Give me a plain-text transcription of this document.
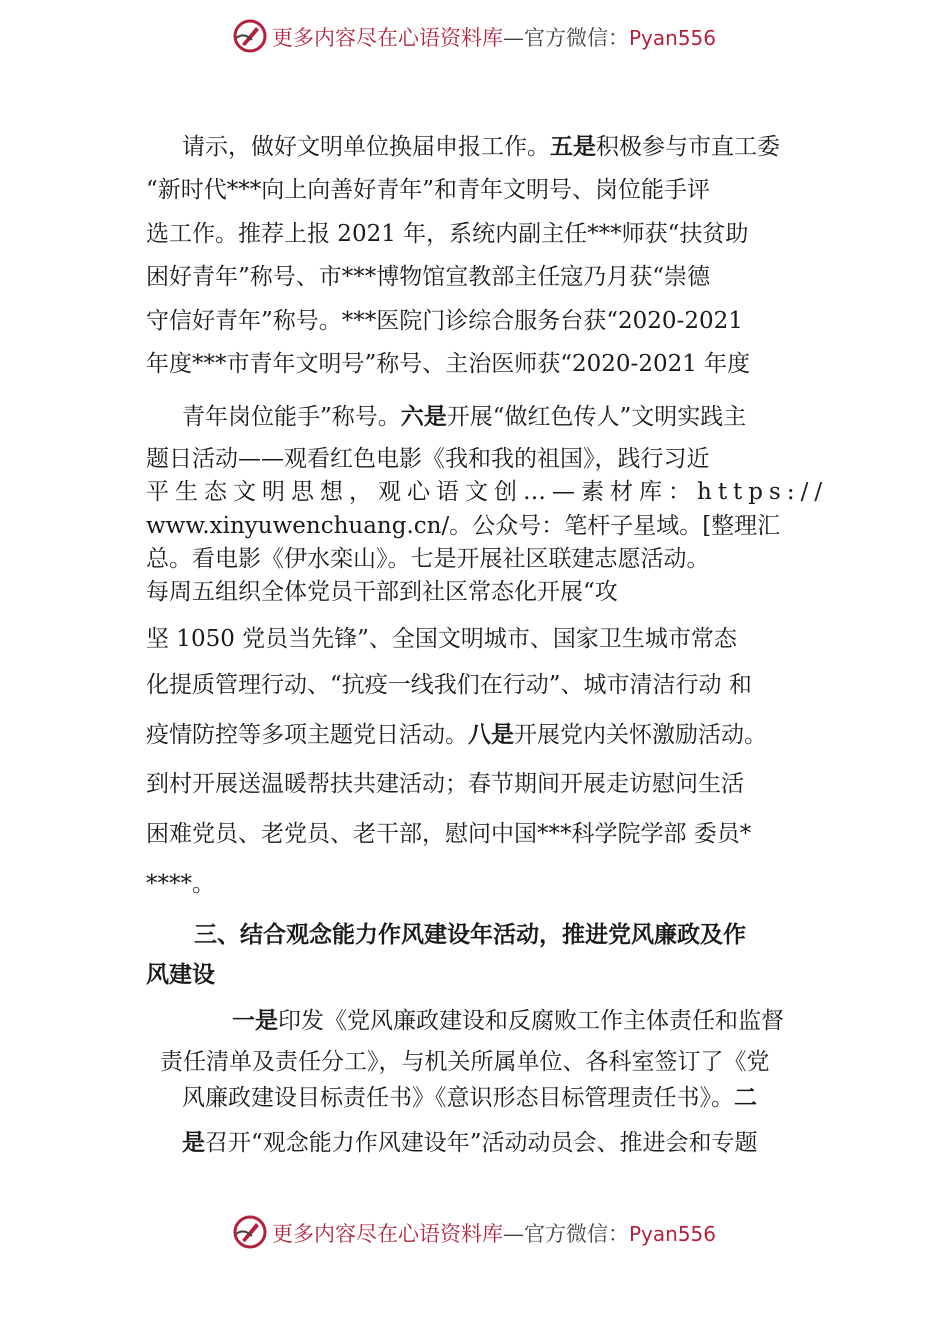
更多内容尽在心语资料库—官方微信：Pyan556
请示，做好文明单位换届申报工作。五是积极参与市直工委
“新时代***向上向善好青年”和青年文明号、岗位能手评
选工作。推荐上报 2021 年，系统内副主任***师获“扶贫助
困好青年”称号、市***博物馆宣教部主任寇乃月获“崇德
守信好青年”称号。***医院门诊综合服务台获“2020-2021
年度***市青年文明号”称号、主治医师获“2020-2021 年度
青年岗位能手”称号。六是开展“做红色传人”文明实践主
题日活动——观看红色电影《我和我的祖国》，践行习近
平生态文明思想，观心语文创…—素材库：https://
www.xinyuwenchuang.cn/。公众号：笔杆子星域。[整理汇
总。看电影《伊水栾山》。七是开展社区联建志愿活动。
每周五组织全体党员干部到社区常态化开展“攻
坚 1050 党员当先锋”、全国文明城市、国家卫生城市常态
化提质管理行动、“抗疫一线我们在行动”、城市清洁行动 和
疫情防控等多项主题党日活动。八是开展党内关怀激励活动。
到村开展送温暖帮扶共建活动；春节期间开展走访慰问生活
困难党员、老党员、老干部，慰问中国***科学院学部 委员*
****。
三、结合观念能力作风建设年活动，推进党风廉政及作
风建设
一是印发《党风廉政建设和反腐败工作主体责任和监督
责任清单及责任分工》，与机关所属单位、各科室签订了《党
风廉政建设目标责任书》《意识形态目标管理责任书》。二
是召开“观念能力作风建设年”活动动员会、推进会和专题
更多内容尽在心语资料库—官方微信：Pyan556
